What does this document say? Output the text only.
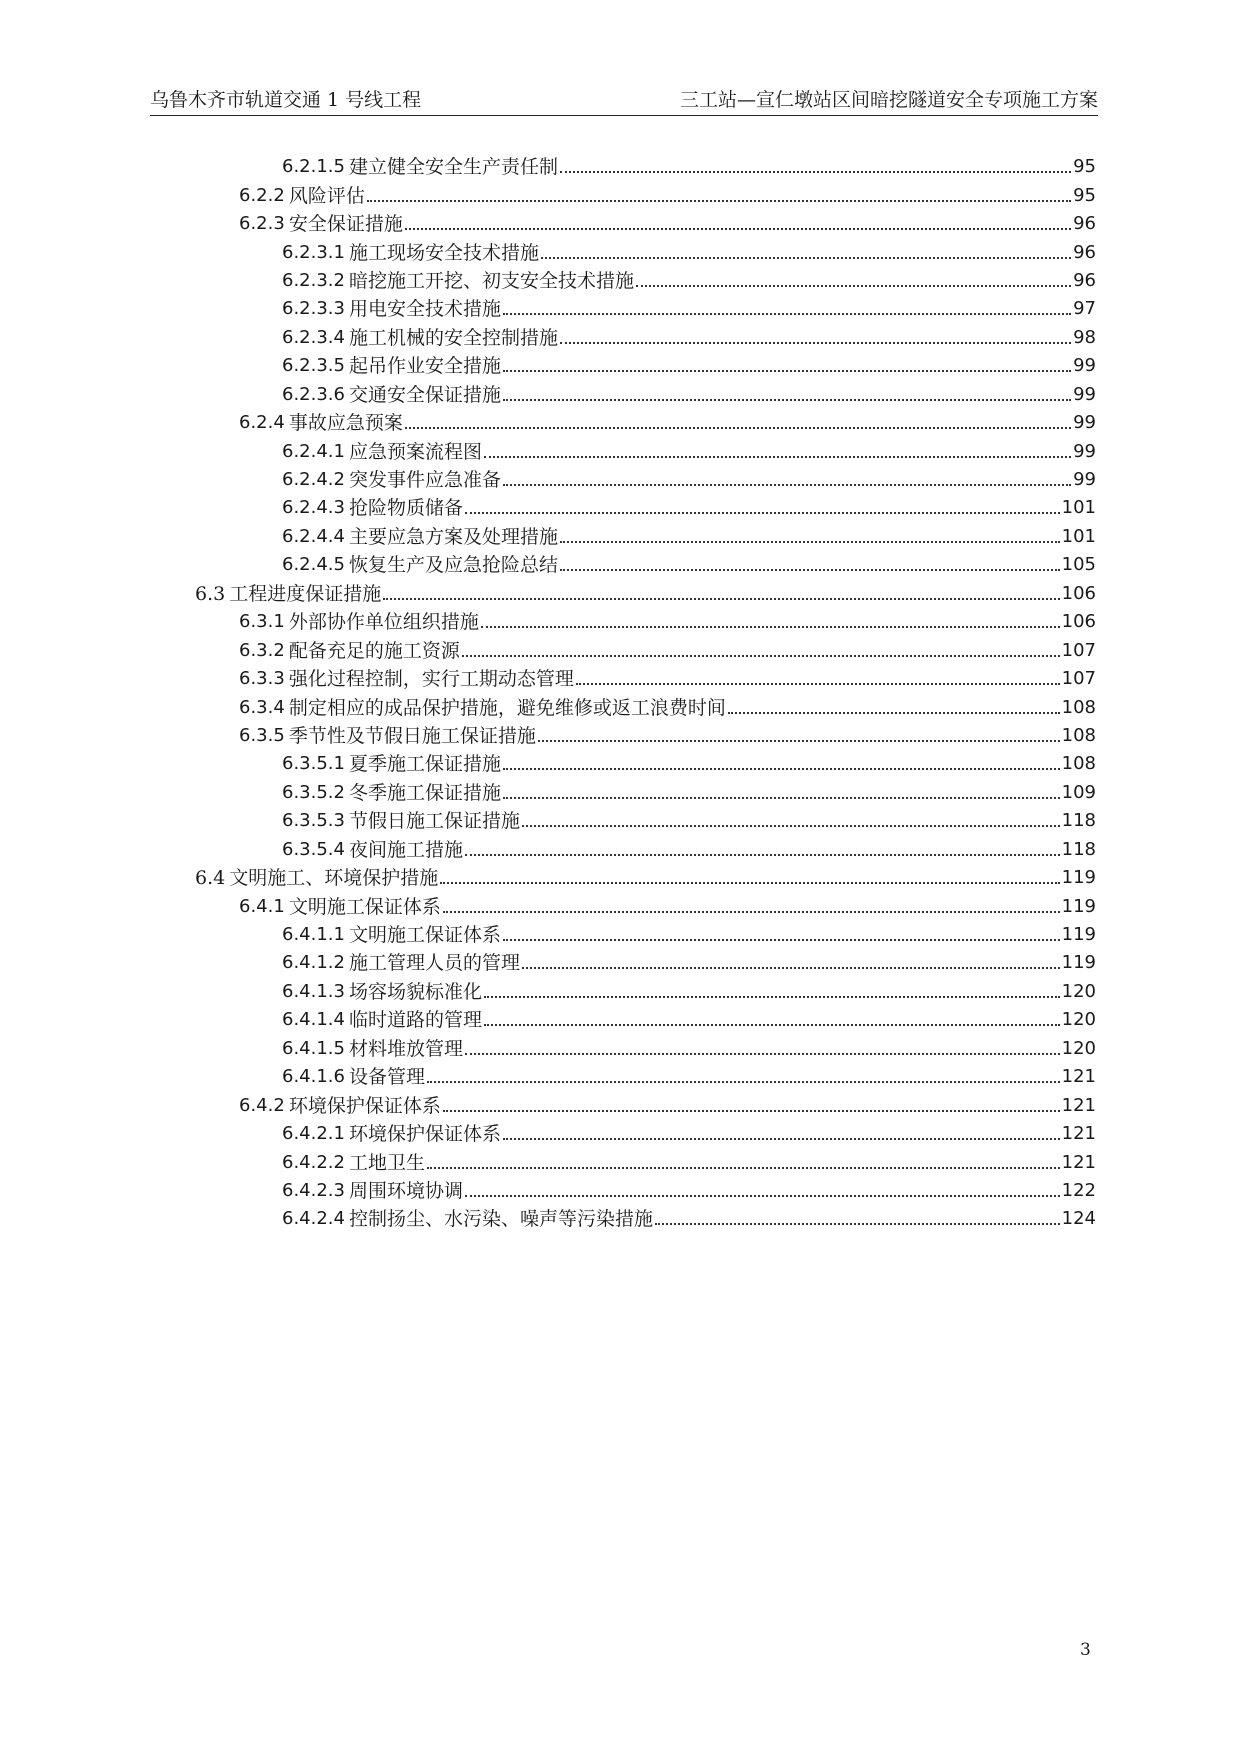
乌鲁木齐市轨道交通 1 号线工程	三工站—宣仁墩站区间暗挖隧道安全专项施工方案
6.2.1.5 建立健全安全生产责任制	95
6.2.2 风险评估	95
6.2.3 安全保证措施	96
6.2.3.1 施工现场安全技术措施	96
6.2.3.2 暗挖施工开挖、初支安全技术措施	96
6.2.3.3 用电安全技术措施	97
6.2.3.4 施工机械的安全控制措施	98
6.2.3.5 起吊作业安全措施	99
6.2.3.6 交通安全保证措施	99
6.2.4 事故应急预案	99
6.2.4.1 应急预案流程图	99
6.2.4.2 突发事件应急准备	99
6.2.4.3 抢险物质储备	101
6.2.4.4 主要应急方案及处理措施	101
6.2.4.5 恢复生产及应急抢险总结	105
6.3 工程进度保证措施	106
6.3.1 外部协作单位组织措施	106
6.3.2 配备充足的施工资源	107
6.3.3 强化过程控制，实行工期动态管理	107
6.3.4 制定相应的成品保护措施，避免维修或返工浪费时间	108
6.3.5 季节性及节假日施工保证措施	108
6.3.5.1 夏季施工保证措施	108
6.3.5.2 冬季施工保证措施	109
6.3.5.3 节假日施工保证措施	118
6.3.5.4 夜间施工措施	118
6.4 文明施工、环境保护措施	119
6.4.1 文明施工保证体系	119
6.4.1.1 文明施工保证体系	119
6.4.1.2 施工管理人员的管理	119
6.4.1.3 场容场貌标准化	120
6.4.1.4 临时道路的管理	120
6.4.1.5 材料堆放管理	120
6.4.1.6 设备管理	121
6.4.2 环境保护保证体系	121
6.4.2.1 环境保护保证体系	121
6.4.2.2 工地卫生	121
6.4.2.3 周围环境协调	122
6.4.2.4 控制扬尘、水污染、噪声等污染措施	124
3
